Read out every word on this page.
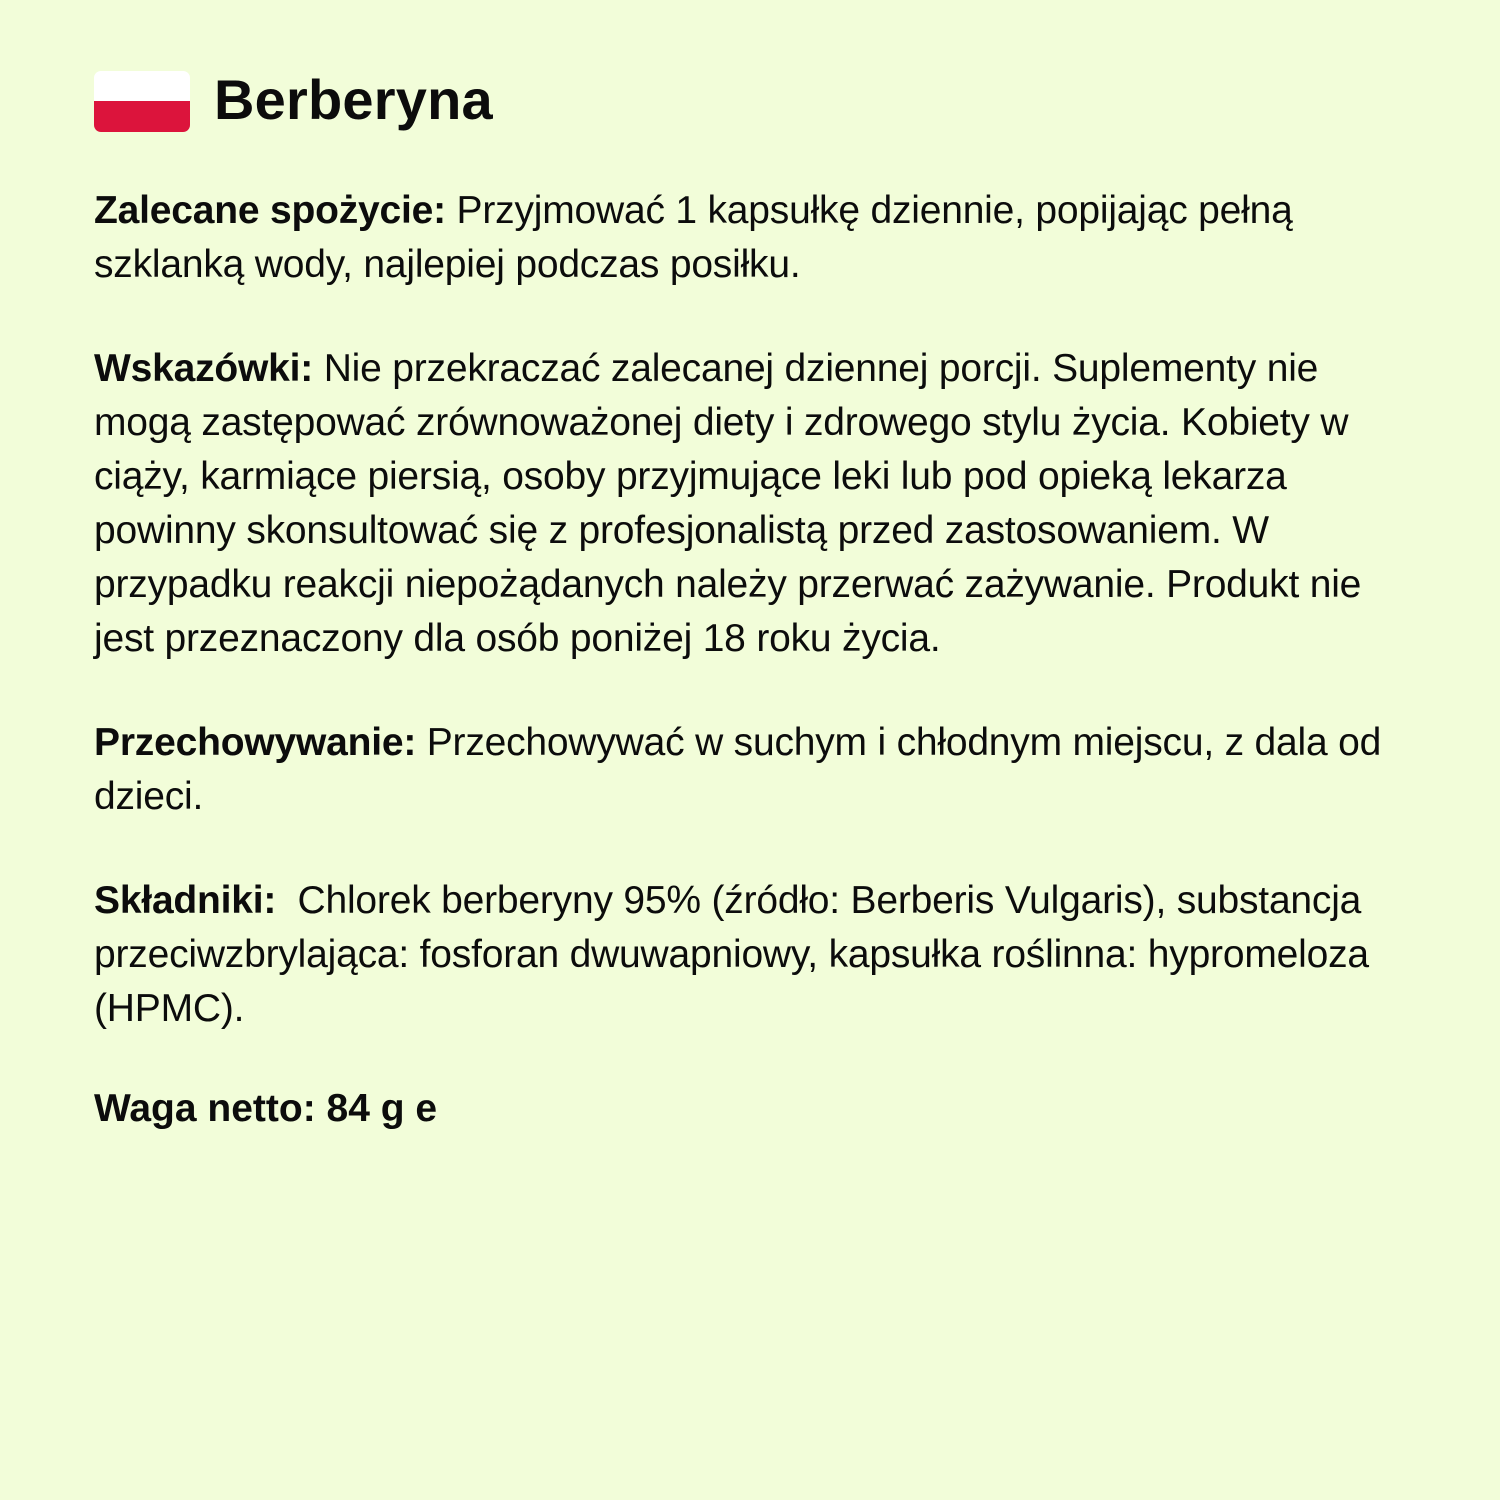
Berberyna

Zalecane spożycie: Przyjmować 1 kapsułkę dziennie, popijając pełną szklanką wody, najlepiej podczas posiłku.

Wskazówki: Nie przekraczać zalecanej dziennej porcji. Suplementy nie mogą zastępować zrównoważonej diety i zdrowego stylu życia. Kobiety w ciąży, karmiące piersią, osoby przyjmujące leki lub pod opieką lekarza powinny skonsultować się z profesjonalistą przed zastosowaniem. W przypadku reakcji niepożądanych należy przerwać zażywanie. Produkt nie jest przeznaczony dla osób poniżej 18 roku życia.

Przechowywanie: Przechowywać w suchym i chłodnym miejscu, z dala od dzieci.

Składniki:  Chlorek berberyny 95% (źródło: Berberis Vulgaris), substancja przeciwzbrylająca: fosforan dwuwapniowy, kapsułka roślinna: hypromeloza (HPMC).

Waga netto: 84 g e
